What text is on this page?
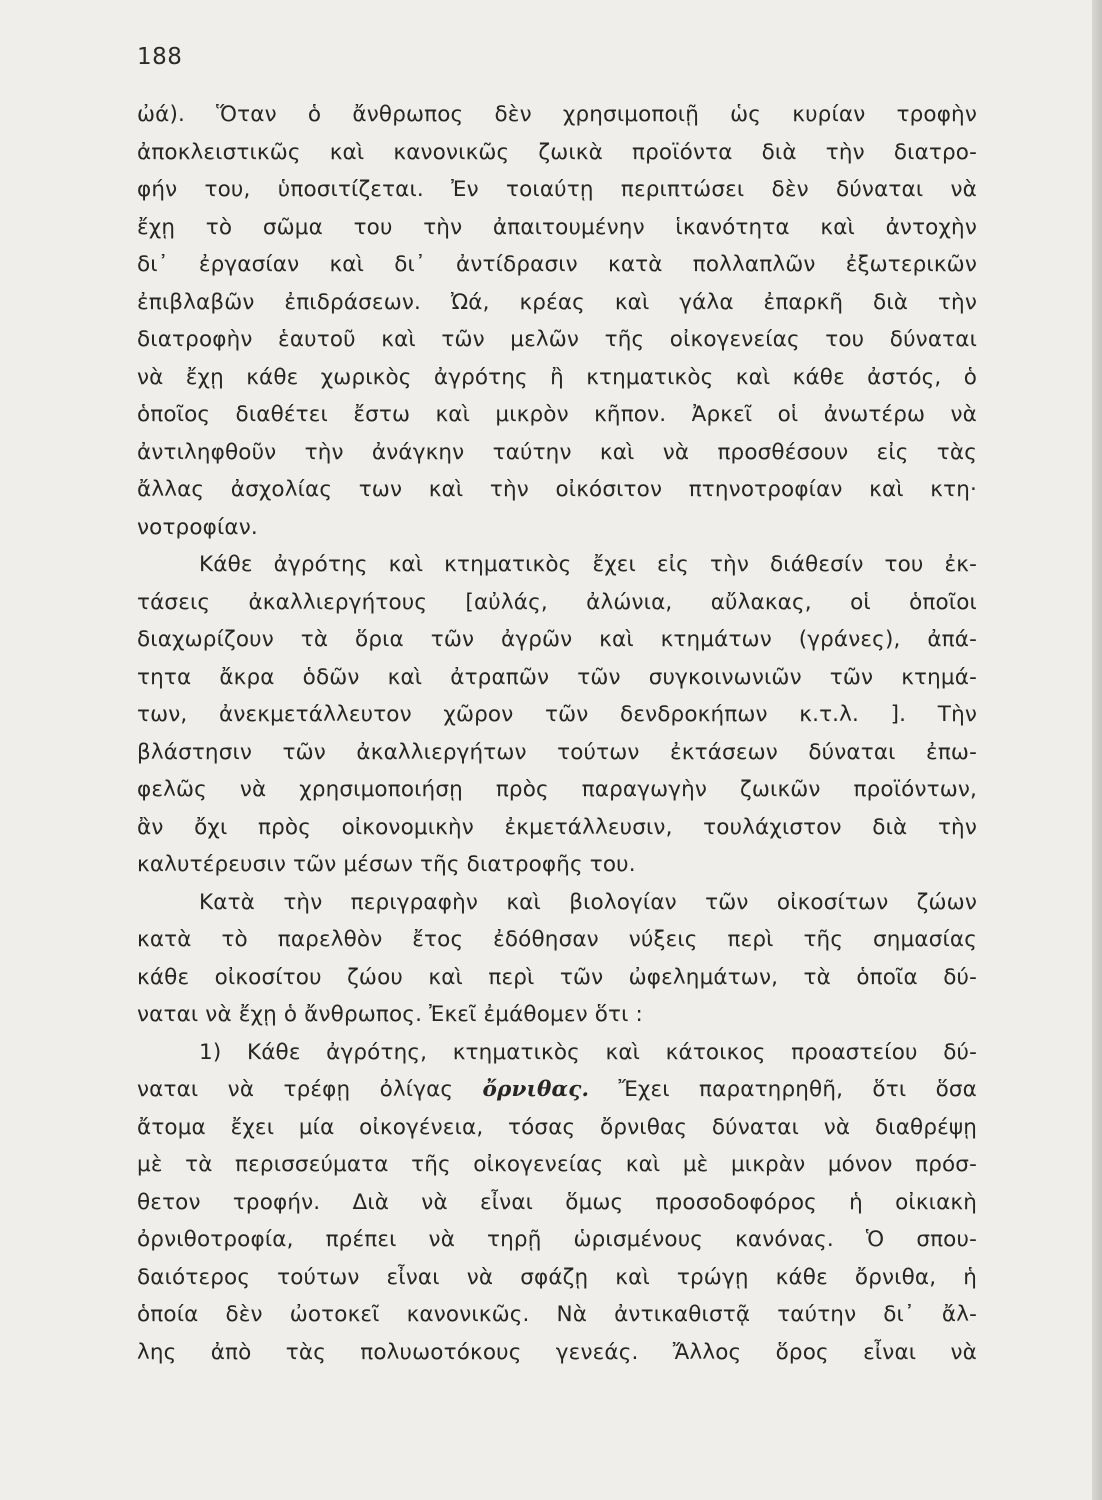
188
ὠά). Ὅταν ὁ ἄνθρωπος δὲν χρησιμοποιῇ ὡς κυρίαν τροφὴν
ἀποκλειστικῶς καὶ κανονικῶς ζωικὰ προϊόντα διὰ τὴν διατρο-
φήν του, ὑποσιτίζεται. Ἐν τοιαύτῃ περιπτώσει δὲν δύναται νὰ
ἔχῃ τὸ σῶμα του τὴν ἀπαιτουμένην ἱκανότητα καὶ ἀντοχὴν
δι᾽ ἐργασίαν καὶ δι᾽ ἀντίδρασιν κατὰ πολλαπλῶν ἐξωτερικῶν
ἐπιβλαβῶν ἐπιδράσεων. Ὠά, κρέας καὶ γάλα ἐπαρκῆ διὰ τὴν
διατροφὴν ἑαυτοῦ καὶ τῶν μελῶν τῆς οἰκογενείας του δύναται
νὰ ἔχῃ κάθε χωρικὸς ἀγρότης ἢ κτηματικὸς καὶ κάθε ἀστός, ὁ
ὁποῖος διαθέτει ἔστω καὶ μικρὸν κῆπον. Ἀρκεῖ οἱ ἀνωτέρω νὰ
ἀντιληφθοῦν τὴν ἀνάγκην ταύτην καὶ νὰ προσθέσουν εἰς τὰς
ἄλλας ἀσχολίας των καὶ τὴν οἰκόσιτον πτηνοτροφίαν καὶ κτη·
νοτροφίαν.
Κάθε ἀγρότης καὶ κτηματικὸς ἔχει εἰς τὴν διάθεσίν του ἐκ-
τάσεις ἀκαλλιεργήτους [αὐλάς, ἀλώνια, αὔλακας, οἱ ὁποῖοι
διαχωρίζουν τὰ ὅρια τῶν ἀγρῶν καὶ κτημάτων (γράνες), ἀπά-
τητα ἄκρα ὁδῶν καὶ ἀτραπῶν τῶν συγκοινωνιῶν τῶν κτημά-
των, ἀνεκμετάλλευτον χῶρον τῶν δενδροκήπων κ.τ.λ. ]. Τὴν
βλάστησιν τῶν ἀκαλλιεργήτων τούτων ἐκτάσεων δύναται ἐπω-
φελῶς νὰ χρησιμοποιήσῃ πρὸς παραγωγὴν ζωικῶν προϊόντων,
ἂν ὄχι πρὸς οἰκονομικὴν ἐκμετάλλευσιν, τουλάχιστον διὰ τὴν
καλυτέρευσιν τῶν μέσων τῆς διατροφῆς του.
Κατὰ τὴν περιγραφὴν καὶ βιολογίαν τῶν οἰκοσίτων ζώων
κατὰ τὸ παρελθὸν ἔτος ἐδόθησαν νύξεις περὶ τῆς σημασίας
κάθε οἰκοσίτου ζώου καὶ περὶ τῶν ὠφελημάτων, τὰ ὁποῖα δύ-
ναται νὰ ἔχῃ ὁ ἄνθρωπος. Ἐκεῖ ἐμάθομεν ὅτι :
1) Κάθε ἀγρότης, κτηματικὸς καὶ κάτοικος προαστείου δύ-
ναται νὰ τρέφῃ ὀλίγας ὄρνιθας. Ἔχει παρατηρηθῆ, ὅτι ὅσα
ἄτομα ἔχει μία οἰκογένεια, τόσας ὄρνιθας δύναται νὰ διαθρέψῃ
μὲ τὰ περισσεύματα τῆς οἰκογενείας καὶ μὲ μικρὰν μόνον πρόσ-
θετον τροφήν. Διὰ νὰ εἶναι ὅμως προσοδοφόρος ἡ οἰκιακὴ
ὀρνιθοτροφία, πρέπει νὰ τηρῇ ὡρισμένους κανόνας. Ὁ σπου-
δαιότερος τούτων εἶναι νὰ σφάζῃ καὶ τρώγῃ κάθε ὄρνιθα, ἡ
ὁποία δὲν ὠοτοκεῖ κανονικῶς. Νὰ ἀντικαθιστᾷ ταύτην δι᾽ ἄλ-
λης ἀπὸ τὰς πολυωοτόκους γενεάς. Ἄλλος ὅρος εἶναι νὰ
